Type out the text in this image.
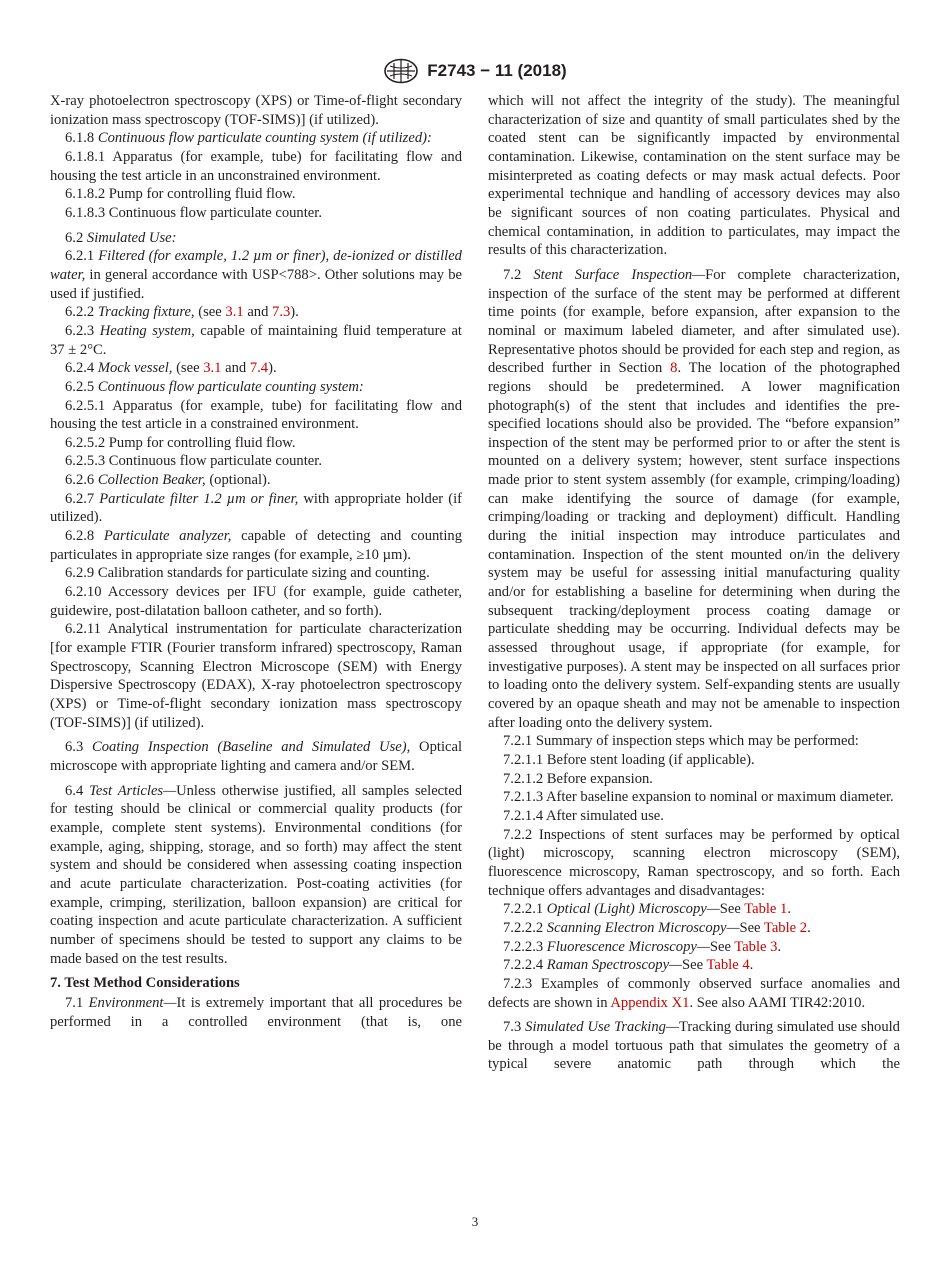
F2743 − 11 (2018)

X-ray photoelectron spectroscopy (XPS) or Time-of-flight secondary ionization mass spectroscopy (TOF-SIMS)] (if utilized).

6.1.8 Continuous flow particulate counting system (if utilized):

6.1.8.1 Apparatus (for example, tube) for facilitating flow and housing the test article in an unconstrained environment.

6.1.8.2 Pump for controlling fluid flow.

6.1.8.3 Continuous flow particulate counter.

6.2 Simulated Use:

6.2.1 Filtered (for example, 1.2 µm or finer), de-ionized or distilled water, in general accordance with USP<788>. Other solutions may be used if justified.

6.2.2 Tracking fixture, (see 3.1 and 7.3).

6.2.3 Heating system, capable of maintaining fluid temperature at 37 ± 2°C.

6.2.4 Mock vessel, (see 3.1 and 7.4).

6.2.5 Continuous flow particulate counting system:

6.2.5.1 Apparatus (for example, tube) for facilitating flow and housing the test article in a constrained environment.

6.2.5.2 Pump for controlling fluid flow.

6.2.5.3 Continuous flow particulate counter.

6.2.6 Collection Beaker, (optional).

6.2.7 Particulate filter 1.2 µm or finer, with appropriate holder (if utilized).

6.2.8 Particulate analyzer, capable of detecting and counting particulates in appropriate size ranges (for example, ≥10 µm).

6.2.9 Calibration standards for particulate sizing and counting.

6.2.10 Accessory devices per IFU (for example, guide catheter, guidewire, post-dilatation balloon catheter, and so forth).

6.2.11 Analytical instrumentation for particulate characterization [for example FTIR (Fourier transform infrared) spectroscopy, Raman Spectroscopy, Scanning Electron Microscope (SEM) with Energy Dispersive Spectroscopy (EDAX), X-ray photoelectron spectroscopy (XPS) or Time-of-flight secondary ionization mass spectroscopy (TOF-SIMS)] (if utilized).

6.3 Coating Inspection (Baseline and Simulated Use), Optical microscope with appropriate lighting and camera and/or SEM.

6.4 Test Articles—Unless otherwise justified, all samples selected for testing should be clinical or commercial quality products (for example, complete stent systems). Environmental conditions (for example, aging, shipping, storage, and so forth) may affect the stent system and should be considered when assessing coating inspection and acute particulate characterization. Post-coating activities (for example, crimping, sterilization, balloon expansion) are critical for coating inspection and acute particulate characterization. A sufficient number of specimens should be tested to support any claims to be made based on the test results.

7. Test Method Considerations

7.1 Environment—It is extremely important that all procedures be performed in a controlled environment (that is, one

which will not affect the integrity of the study). The meaningful characterization of size and quantity of small particulates shed by the coated stent can be significantly impacted by environmental contamination. Likewise, contamination on the stent surface may be misinterpreted as coating defects or may mask actual defects. Poor experimental technique and handling of accessory devices may also be significant sources of non coating particulates. Physical and chemical contamination, in addition to particulates, may impact the results of this characterization.

7.2 Stent Surface Inspection—For complete characterization, inspection of the surface of the stent may be performed at different time points (for example, before expansion, after expansion to the nominal or maximum labeled diameter, and after simulated use). Representative photos should be provided for each step and region, as described further in Section 8. The location of the photographed regions should be predetermined. A lower magnification photograph(s) of the stent that includes and identifies the pre-specified locations should also be provided. The “before expansion” inspection of the stent may be performed prior to or after the stent is mounted on a delivery system; however, stent surface inspections made prior to stent system assembly (for example, crimping/loading) can make identifying the source of damage (for example, crimping/loading or tracking and deployment) difficult. Handling during the initial inspection may introduce particulates and contamination. Inspection of the stent mounted on/in the delivery system may be useful for assessing initial manufacturing quality and/or for establishing a baseline for determining when during the subsequent tracking/deployment process coating damage or particulate shedding may be occurring. Individual defects may be assessed throughout usage, if appropriate (for example, for investigative purposes). A stent may be inspected on all surfaces prior to loading onto the delivery system. Self-expanding stents are usually covered by an opaque sheath and may not be amenable to inspection after loading onto the delivery system.

7.2.1 Summary of inspection steps which may be performed:

7.2.1.1 Before stent loading (if applicable).

7.2.1.2 Before expansion.

7.2.1.3 After baseline expansion to nominal or maximum diameter.

7.2.1.4 After simulated use.

7.2.2 Inspections of stent surfaces may be performed by optical (light) microscopy, scanning electron microscopy (SEM), fluorescence microscopy, Raman spectroscopy, and so forth. Each technique offers advantages and disadvantages:

7.2.2.1 Optical (Light) Microscopy—See Table 1.

7.2.2.2 Scanning Electron Microscopy—See Table 2.

7.2.2.3 Fluorescence Microscopy—See Table 3.

7.2.2.4 Raman Spectroscopy—See Table 4.

7.2.3 Examples of commonly observed surface anomalies and defects are shown in Appendix X1. See also AAMI TIR42:2010.

7.3 Simulated Use Tracking—Tracking during simulated use should be through a model tortuous path that simulates the geometry of a typical severe anatomic path through which the

3
